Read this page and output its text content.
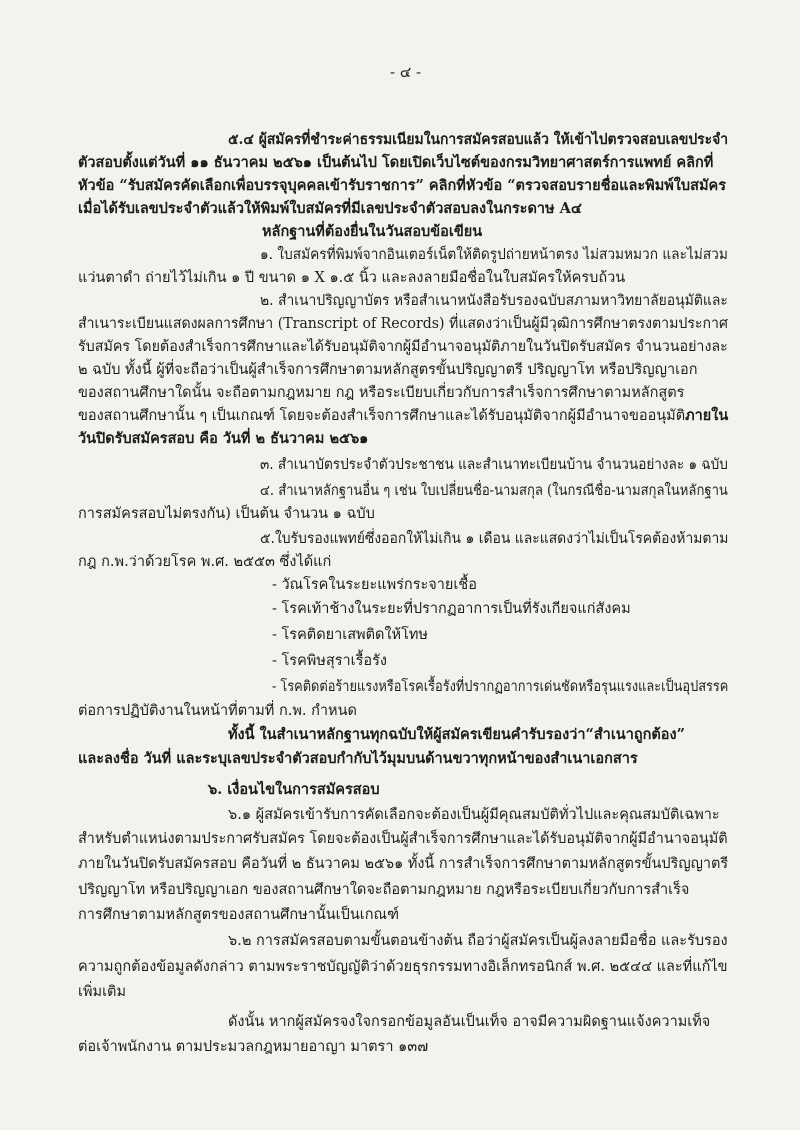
- ๔ -

๕.๔ ผู้สมัครที่ชำระค่าธรรมเนียมในการสมัครสอบแล้ว ให้เข้าไปตรวจสอบเลขประจำ

ตัวสอบตั้งแต่วันที่ ๑๑ ธันวาคม ๒๕๖๑ เป็นต้นไป โดยเปิดเว็บไซต์ของกรมวิทยาศาสตร์การแพทย์ คลิกที่

หัวข้อ “รับสมัครคัดเลือกเพื่อบรรจุบุคคลเข้ารับราชการ” คลิกที่หัวข้อ “ตรวจสอบรายชื่อและพิมพ์ใบสมัคร

เมื่อได้รับเลขประจำตัวแล้วให้พิมพ์ใบสมัครที่มีเลขประจำตัวสอบลงในกระดาษ A๔

หลักฐานที่ต้องยื่นในวันสอบข้อเขียน

๑. ใบสมัครที่พิมพ์จากอินเตอร์เน็ตให้ติดรูปถ่ายหน้าตรง ไม่สวมหมวก และไม่สวม

แว่นตาดำ ถ่ายไว้ไม่เกิน ๑ ปี ขนาด ๑ X ๑.๕ นิ้ว และลงลายมือชื่อในใบสมัครให้ครบถ้วน

๒. สำเนาปริญญาบัตร หรือสำเนาหนังสือรับรองฉบับสภามหาวิทยาลัยอนุมัติและ

สำเนาระเบียนแสดงผลการศึกษา (Transcript of Records) ที่แสดงว่าเป็นผู้มีวุฒิการศึกษาตรงตามประกาศ

รับสมัคร โดยต้องสำเร็จการศึกษาและได้รับอนุมัติจากผู้มีอำนาจอนุมัติภายในวันปิดรับสมัคร จำนวนอย่างละ

๒ ฉบับ ทั้งนี้ ผู้ที่จะถือว่าเป็นผู้สำเร็จการศึกษาตามหลักสูตรขั้นปริญญาตรี ปริญญาโท หรือปริญญาเอก

ของสถานศึกษาใดนั้น จะถือตามกฎหมาย กฎ หรือระเบียบเกี่ยวกับการสำเร็จการศึกษาตามหลักสูตร

ของสถานศึกษานั้น ๆ เป็นเกณฑ์ โดยจะต้องสำเร็จการศึกษาและได้รับอนุมัติจากผู้มีอำนาจขออนุมัติภายใน

วันปิดรับสมัครสอบ คือ วันที่ ๒ ธันวาคม ๒๕๖๑

๓. สำเนาบัตรประจำตัวประชาชน และสำเนาทะเบียนบ้าน จำนวนอย่างละ ๑ ฉบับ

๔. สำเนาหลักฐานอื่น ๆ เช่น ใบเปลี่ยนชื่อ-นามสกุล (ในกรณีชื่อ-นามสกุลในหลักฐาน

การสมัครสอบไม่ตรงกัน) เป็นต้น จำนวน ๑ ฉบับ

๕.ใบรับรองแพทย์ซึ่งออกให้ไม่เกิน ๑ เดือน และแสดงว่าไม่เป็นโรคต้องห้ามตาม

กฎ ก.พ.ว่าด้วยโรค พ.ศ. ๒๕๕๓ ซึ่งได้แก่

- วัณโรคในระยะแพร่กระจายเชื้อ

- โรคเท้าช้างในระยะที่ปรากฏอาการเป็นที่รังเกียจแก่สังคม

- โรคติดยาเสพติดให้โทษ

- โรคพิษสุราเรื้อรัง

- โรคติดต่อร้ายแรงหรือโรคเรื้อรังที่ปรากฏอาการเด่นชัดหรือรุนแรงและเป็นอุปสรรค

ต่อการปฏิบัติงานในหน้าที่ตามที่ ก.พ. กำหนด

ทั้งนี้ ในสำเนาหลักฐานทุกฉบับให้ผู้สมัครเขียนคำรับรองว่า“สำเนาถูกต้อง”

และลงชื่อ วันที่ และระบุเลขประจำตัวสอบกำกับไว้มุมบนด้านขวาทุกหน้าของสำเนาเอกสาร

๖. เงื่อนไขในการสมัครสอบ

๖.๑ ผู้สมัครเข้ารับการคัดเลือกจะต้องเป็นผู้มีคุณสมบัติทั่วไปและคุณสมบัติเฉพาะ

สำหรับตำแหน่งตามประกาศรับสมัคร โดยจะต้องเป็นผู้สำเร็จการศึกษาและได้รับอนุมัติจากผู้มีอำนาจอนุมัติ

ภายในวันปิดรับสมัครสอบ คือวันที่ ๒ ธันวาคม ๒๕๖๑ ทั้งนี้ การสำเร็จการศึกษาตามหลักสูตรขั้นปริญญาตรี

ปริญญาโท หรือปริญญาเอก ของสถานศึกษาใดจะถือตามกฎหมาย กฎหรือระเบียบเกี่ยวกับการสำเร็จ

การศึกษาตามหลักสูตรของสถานศึกษานั้นเป็นเกณฑ์

๖.๒ การสมัครสอบตามขั้นตอนข้างต้น ถือว่าผู้สมัครเป็นผู้ลงลายมือชื่อ และรับรอง

ความถูกต้องข้อมูลดังกล่าว ตามพระราชบัญญัติว่าด้วยธุรกรรมทางอิเล็กทรอนิกส์ พ.ศ. ๒๕๔๔ และที่แก้ไข

เพิ่มเติม

ดังนั้น หากผู้สมัครจงใจกรอกข้อมูลอันเป็นเท็จ อาจมีความผิดฐานแจ้งความเท็จ

ต่อเจ้าพนักงาน ตามประมวลกฎหมายอาญา มาตรา ๑๓๗
